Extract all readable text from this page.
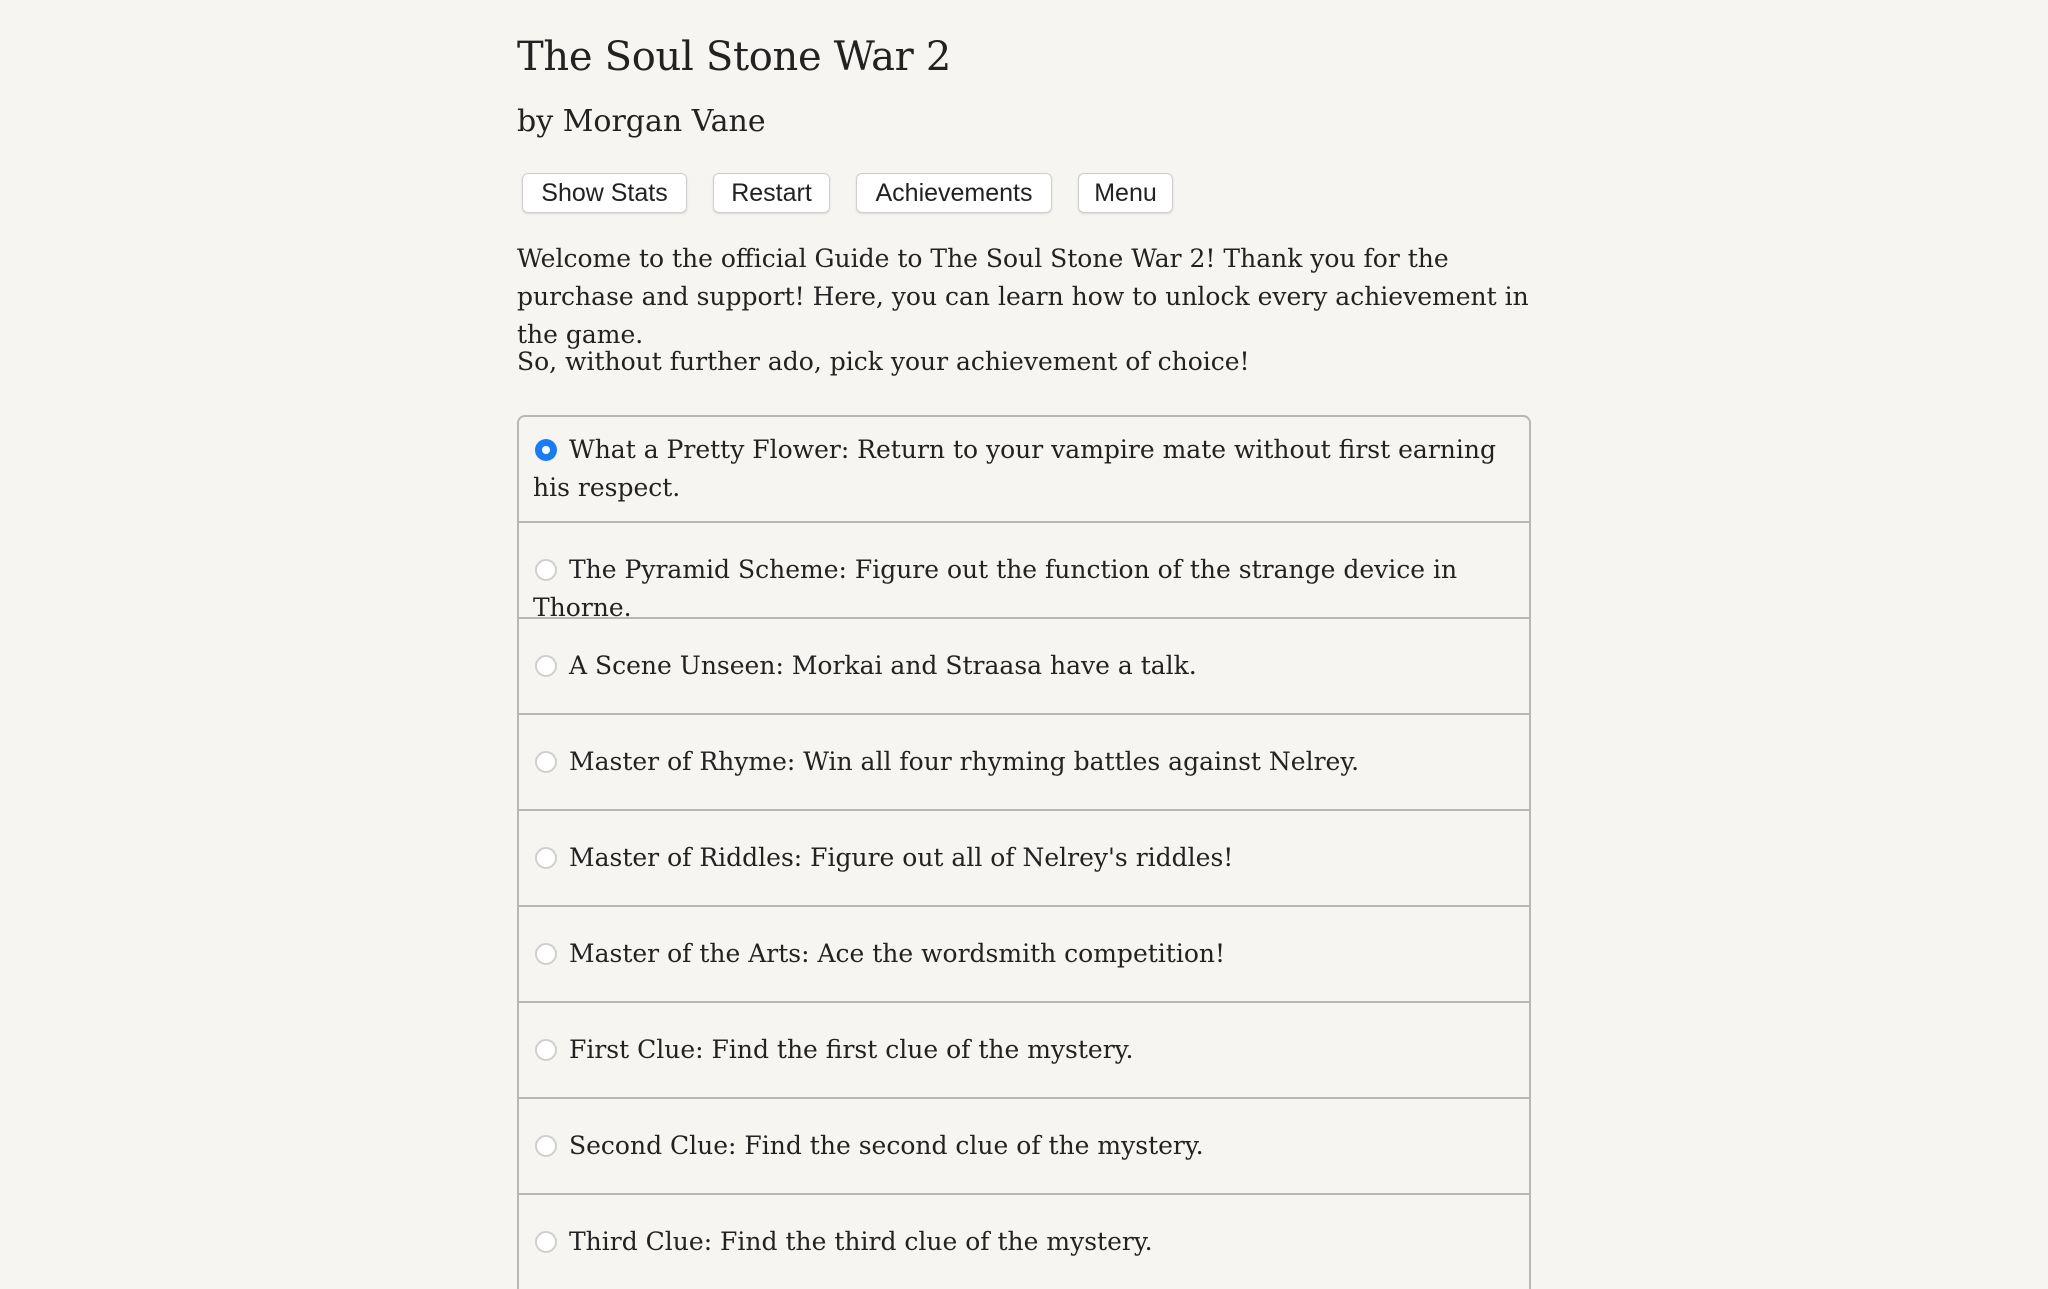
The Soul Stone War 2
by Morgan Vane
Show Stats	Restart	Achievements	Menu

Welcome to the official Guide to The Soul Stone War 2! Thank you for the purchase and support! Here, you can learn how to unlock every achievement in the game.

So, without further ado, pick your achievement of choice!

What a Pretty Flower: Return to your vampire mate without first earning his respect.
The Pyramid Scheme: Figure out the function of the strange device in Thorne.
A Scene Unseen: Morkai and Straasa have a talk.
Master of Rhyme: Win all four rhyming battles against Nelrey.
Master of Riddles: Figure out all of Nelrey's riddles!
Master of the Arts: Ace the wordsmith competition!
First Clue: Find the first clue of the mystery.
Second Clue: Find the second clue of the mystery.
Third Clue: Find the third clue of the mystery.
